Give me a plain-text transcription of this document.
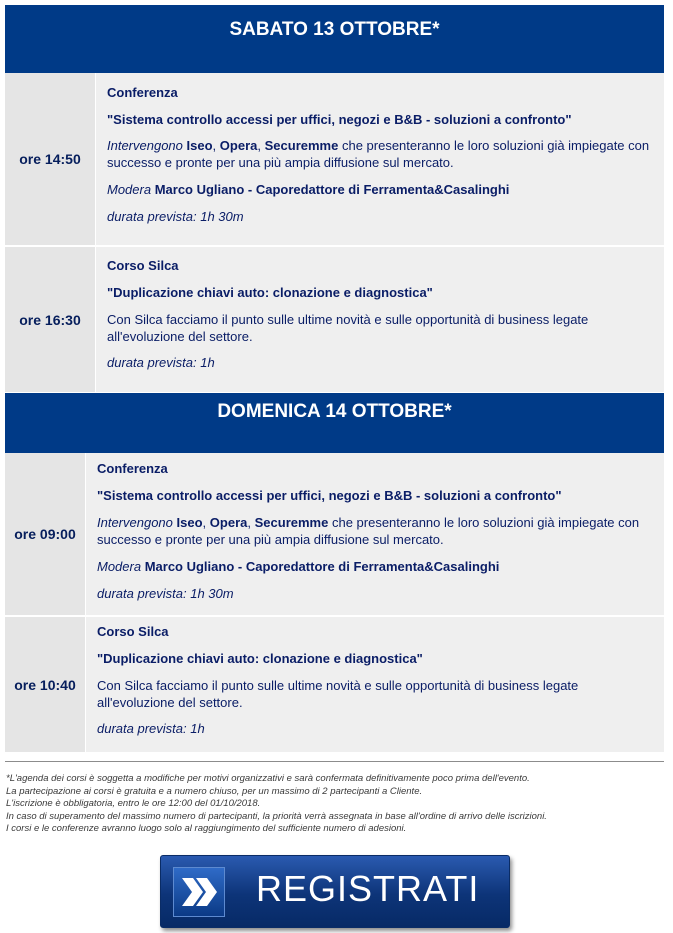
SABATO 13 OTTOBRE*
ore 14:50
Conferenza
"Sistema controllo accessi per uffici, negozi e B&B - soluzioni a confronto"
Intervengono Iseo, Opera, Securemme che presenteranno le loro soluzioni già impiegate con successo e pronte per una più ampia diffusione sul mercato.
Modera Marco Ugliano - Caporedattore di Ferramenta&Casalinghi
durata prevista: 1h 30m
ore 16:30
Corso Silca
"Duplicazione chiavi auto: clonazione e diagnostica"
Con Silca facciamo il punto sulle ultime novità e sulle opportunità di business legate all'evoluzione del settore.
durata prevista: 1h
DOMENICA 14 OTTOBRE*
ore 09:00
Conferenza
"Sistema controllo accessi per uffici, negozi e B&B - soluzioni a confronto"
Intervengono Iseo, Opera, Securemme che presenteranno le loro soluzioni già impiegate con successo e pronte per una più ampia diffusione sul mercato.
Modera Marco Ugliano - Caporedattore di Ferramenta&Casalinghi
durata prevista: 1h 30m
ore 10:40
Corso Silca
"Duplicazione chiavi auto: clonazione e diagnostica"
Con Silca facciamo il punto sulle ultime novità e sulle opportunità di business legate all'evoluzione del settore.
durata prevista: 1h
*L'agenda dei corsi è soggetta a modifiche per motivi organizzativi e sarà confermata definitivamente poco prima dell'evento.
La partecipazione ai corsi è gratuita e a numero chiuso, per un massimo di 2 partecipanti a Cliente.
L'iscrizione è obbligatoria, entro le ore 12:00 del 01/10/2018.
In caso di superamento del massimo numero di partecipanti, la priorità verrà assegnata in base all'ordine di arrivo delle iscrizioni.
I corsi e le conferenze avranno luogo solo al raggiungimento del sufficiente numero di adesioni.
REGISTRATI
